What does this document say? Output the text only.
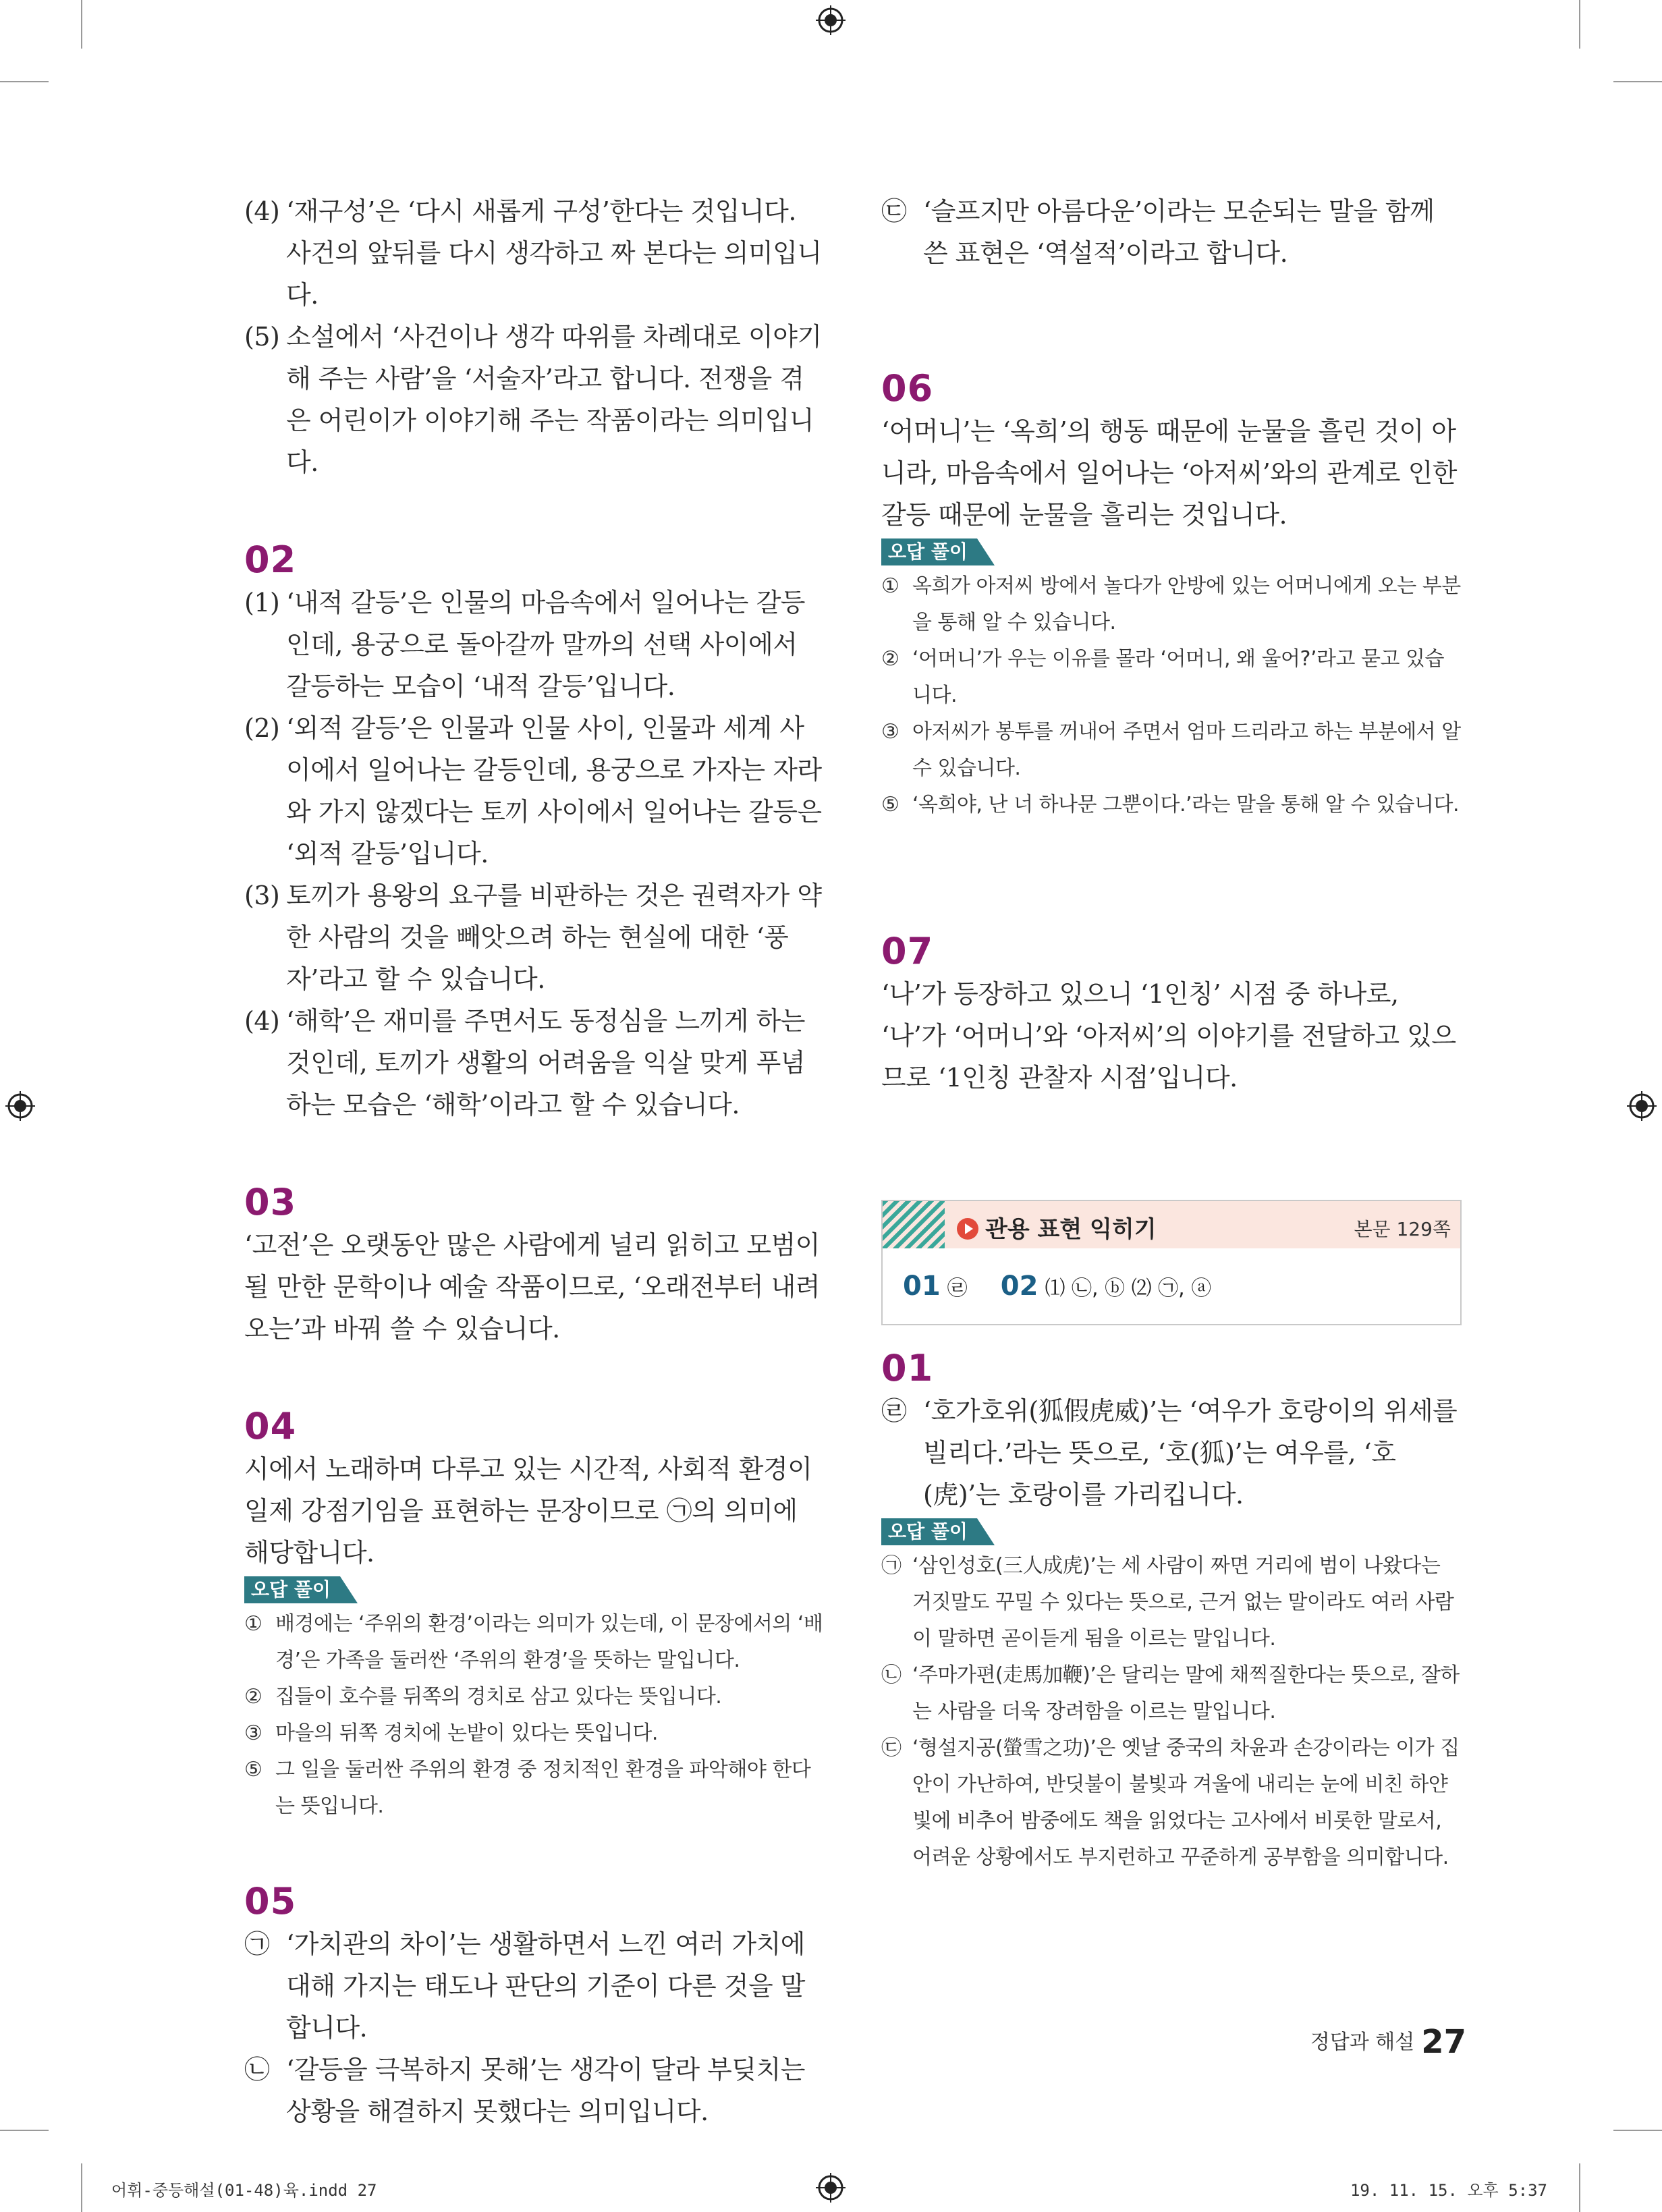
(4) ‘재구성’은 ‘다시 새롭게 구성’한다는 것입니다. 사건의 앞뒤를 다시 생각하고 짜 본다는 의미입니다.
(5) 소설에서 ‘사건이나 생각 따위를 차례대로 이야기해 주는 사람’을 ‘서술자’라고 합니다. 전쟁을 겪은 어린이가 이야기해 주는 작품이라는 의미입니다.
02
(1) ‘내적 갈등’은 인물의 마음속에서 일어나는 갈등인데, 용궁으로 돌아갈까 말까의 선택 사이에서 갈등하는 모습이 ‘내적 갈등’입니다.
(2) ‘외적 갈등’은 인물과 인물 사이, 인물과 세계 사이에서 일어나는 갈등인데, 용궁으로 가자는 자라와 가지 않겠다는 토끼 사이에서 일어나는 갈등은 ‘외적 갈등’입니다.
(3) 토끼가 용왕의 요구를 비판하는 것은 권력자가 약한 사람의 것을 빼앗으려 하는 현실에 대한 ‘풍자’라고 할 수 있습니다.
(4) ‘해학’은 재미를 주면서도 동정심을 느끼게 하는 것인데, 토끼가 생활의 어려움을 익살 맞게 푸념하는 모습은 ‘해학’이라고 할 수 있습니다.
03
‘고전’은 오랫동안 많은 사람에게 널리 읽히고 모범이 될 만한 문학이나 예술 작품이므로, ‘오래전부터 내려오는’과 바꿔 쓸 수 있습니다.
04
시에서 노래하며 다루고 있는 시간적, 사회적 환경이 일제 강점기임을 표현하는 문장이므로 ㉠의 의미에 해당합니다.
오답 풀이
① 배경에는 ‘주위의 환경’이라는 의미가 있는데, 이 문장에서의 ‘배경’은 가족을 둘러싼 ‘주위의 환경’을 뜻하는 말입니다.
② 집들이 호수를 뒤쪽의 경치로 삼고 있다는 뜻입니다.
③ 마을의 뒤쪽 경치에 논밭이 있다는 뜻입니다.
⑤ 그 일을 둘러싼 주위의 환경 중 정치적인 환경을 파악해야 한다는 뜻입니다.
05
㉠ ‘가치관의 차이’는 생활하면서 느낀 여러 가치에 대해 가지는 태도나 판단의 기준이 다른 것을 말합니다.
㉡ ‘갈등을 극복하지 못해’는 생각이 달라 부딪치는 상황을 해결하지 못했다는 의미입니다.
㉢ ‘슬프지만 아름다운’이라는 모순되는 말을 함께 쓴 표현은 ‘역설적’이라고 합니다.
06
‘어머니’는 ‘옥희’의 행동 때문에 눈물을 흘린 것이 아니라, 마음속에서 일어나는 ‘아저씨’와의 관계로 인한 갈등 때문에 눈물을 흘리는 것입니다.
오답 풀이
① 옥희가 아저씨 방에서 놀다가 안방에 있는 어머니에게 오는 부분을 통해 알 수 있습니다.
② ‘어머니’가 우는 이유를 몰라 ‘어머니, 왜 울어?’라고 묻고 있습니다.
③ 아저씨가 봉투를 꺼내어 주면서 엄마 드리라고 하는 부분에서 알 수 있습니다.
⑤ ‘옥희야, 난 너 하나문 그뿐이다.’라는 말을 통해 알 수 있습니다.
07
‘나’가 등장하고 있으니 ‘1인칭’ 시점 중 하나로, ‘나’가 ‘어머니’와 ‘아저씨’의 이야기를 전달하고 있으므로 ‘1인칭 관찰자 시점’입니다.
관용 표현 익히기	본문 129쪽
01 ㉣ 02 ⑴ ㉡, ⓑ ⑵ ㉠, ⓐ
01
㉣ ‘호가호위(狐假虎威)’는 ‘여우가 호랑이의 위세를 빌리다.’라는 뜻으로, ‘호(狐)’는 여우를, ‘호(虎)’는 호랑이를 가리킵니다.
오답 풀이
㉠ ‘삼인성호(三人成虎)’는 세 사람이 짜면 거리에 범이 나왔다는 거짓말도 꾸밀 수 있다는 뜻으로, 근거 없는 말이라도 여러 사람이 말하면 곧이듣게 됨을 이르는 말입니다.
㉡ ‘주마가편(走馬加鞭)’은 달리는 말에 채찍질한다는 뜻으로, 잘하는 사람을 더욱 장려함을 이르는 말입니다.
㉢ ‘형설지공(螢雪之功)’은 옛날 중국의 차윤과 손강이라는 이가 집안이 가난하여, 반딧불이 불빛과 겨울에 내리는 눈에 비친 하얀 빛에 비추어 밤중에도 책을 읽었다는 고사에서 비롯한 말로서, 어려운 상황에서도 부지런하고 꾸준하게 공부함을 의미합니다.
정답과 해설 27
어휘-중등해설(01-48)육.indd 27	19. 11. 15. 오후 5:37
